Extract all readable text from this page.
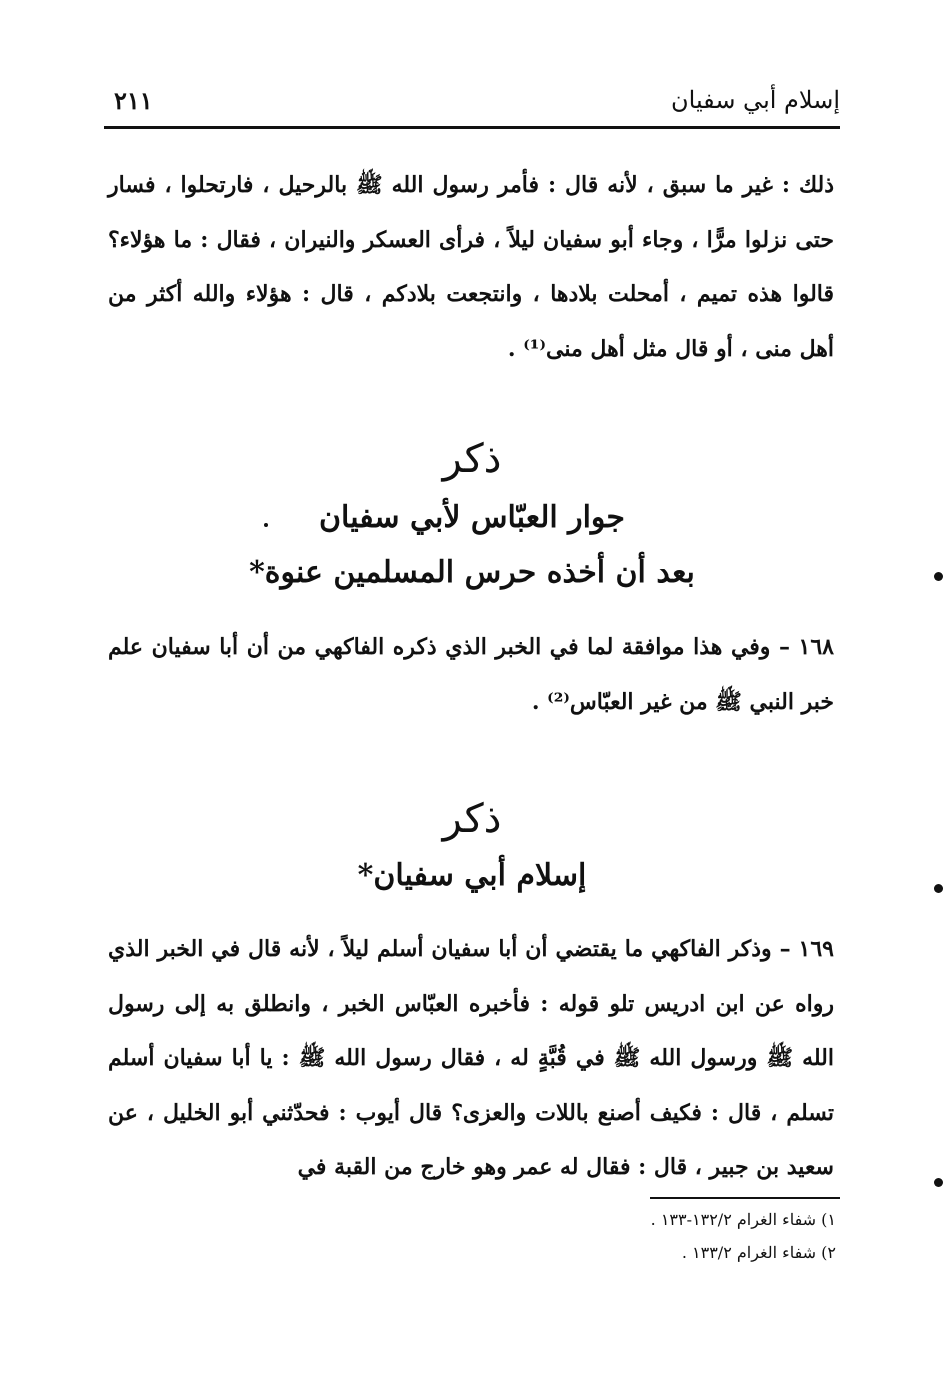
إسلام أبي سفيان
٢١١
ذلك : غير ما سبق ، لأنه قال : فأمر رسول الله ﷺ بالرحيل ، فارتحلوا ، فسار حتى نزلوا مرًّا ، وجاء أبو سفيان ليلاً ، فرأى العسكر والنيران ، فقال : ما هؤلاء؟ قالوا هذه تميم ، أمحلت بلادها ، وانتجعت بلادكم ، قال : هؤلاء والله أكثر من أهل منى ، أو قال مثل أهل منى⁽¹⁾ .
ذكر
جوار العبّاس لأبي سفيان
بعد أن أخذه حرس المسلمين عنوة*
١٦٨ – وفي هذا موافقة لما في الخبر الذي ذكره الفاكهي من أن أبا سفيان علم خبر النبي ﷺ من غير العبّاس⁽²⁾ .
ذكر
إسلام أبي سفيان*
١٦٩ – وذكر الفاكهي ما يقتضي أن أبا سفيان أسلم ليلاً ، لأنه قال في الخبر الذي رواه عن ابن ادريس تلو قوله : فأخبره العبّاس الخبر ، وانطلق به إلى رسول الله ﷺ ورسول الله ﷺ في قُبَّةٍ له ، فقال رسول الله ﷺ : يا أبا سفيان أسلم تسلم ، قال : فكيف أصنع باللات والعزى؟ قال أيوب : فحدّثني أبو الخليل ، عن سعيد بن جبير ، قال : فقال له عمر وهو خارج من القبة في
١) شفاء الغرام ١٣٢/٢-١٣٣ .
٢) شفاء الغرام ١٣٣/٢ .
